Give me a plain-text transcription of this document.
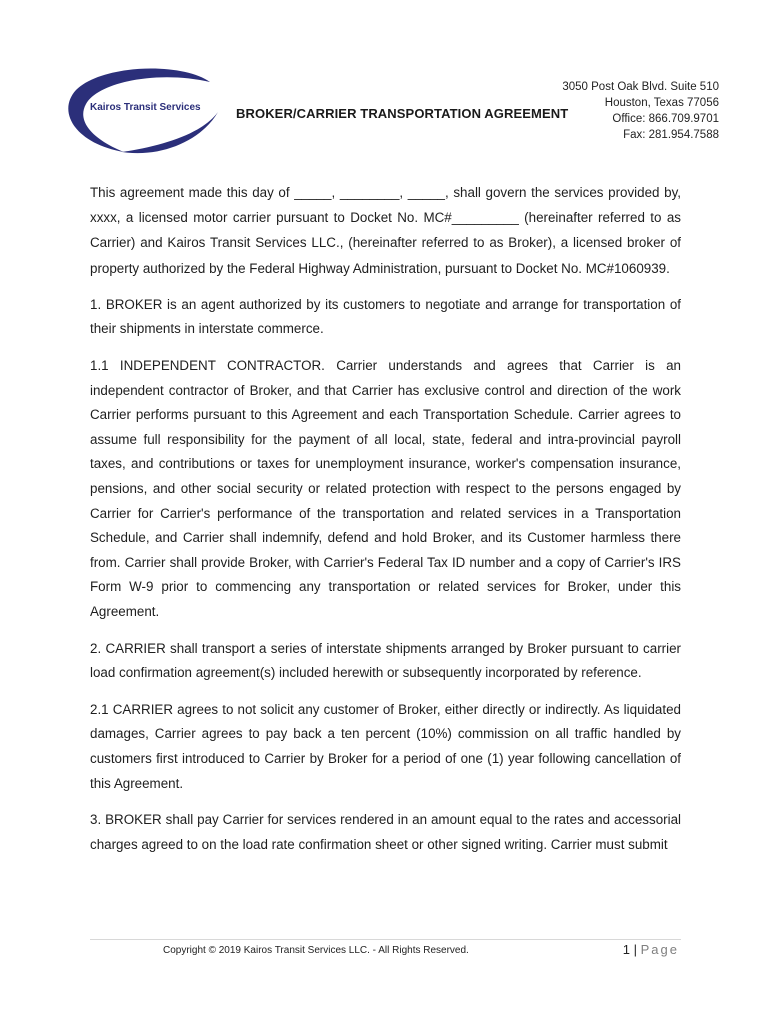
Kairos Transit Services	BROKER/CARRIER TRANSPORTATION AGREEMENT
3050 Post Oak Blvd. Suite 510
Houston, Texas 77056
Office: 866.709.9701
Fax: 281.954.7588

This agreement made this day of _____, ________, _____, shall govern the services provided by, xxxx, a licensed motor carrier pursuant to Docket No. MC#_________ (hereinafter referred to as Carrier) and Kairos Transit Services LLC., (hereinafter referred to as Broker), a licensed broker of property authorized by the Federal Highway Administration, pursuant to Docket No. MC#1060939.

1. BROKER is an agent authorized by its customers to negotiate and arrange for transportation of their shipments in interstate commerce.

1.1 INDEPENDENT CONTRACTOR. Carrier understands and agrees that Carrier is an independent contractor of Broker, and that Carrier has exclusive control and direction of the work Carrier performs pursuant to this Agreement and each Transportation Schedule. Carrier agrees to assume full responsibility for the payment of all local, state, federal and intra-provincial payroll taxes, and contributions or taxes for unemployment insurance, worker's compensation insurance, pensions, and other social security or related protection with respect to the persons engaged by Carrier for Carrier's performance of the transportation and related services in a Transportation Schedule, and Carrier shall indemnify, defend and hold Broker, and its Customer harmless there from. Carrier shall provide Broker, with Carrier's Federal Tax ID number and a copy of Carrier's IRS Form W-9 prior to commencing any transportation or related services for Broker, under this Agreement.

2. CARRIER shall transport a series of interstate shipments arranged by Broker pursuant to carrier load confirmation agreement(s) included herewith or subsequently incorporated by reference.

2.1 CARRIER agrees to not solicit any customer of Broker, either directly or indirectly. As liquidated damages, Carrier agrees to pay back a ten percent (10%) commission on all traffic handled by customers first introduced to Carrier by Broker for a period of one (1) year following cancellation of this Agreement.

3. BROKER shall pay Carrier for services rendered in an amount equal to the rates and accessorial charges agreed to on the load rate confirmation sheet or other signed writing. Carrier must submit

Copyright © 2019 Kairos Transit Services LLC. - All Rights Reserved.	1 | Page
